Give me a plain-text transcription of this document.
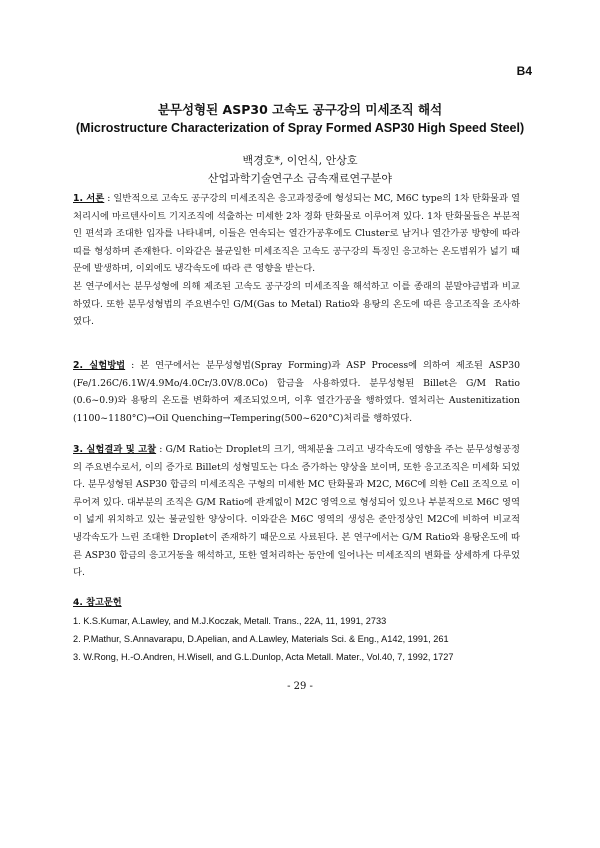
B4
분무성형된 ASP30 고속도 공구강의 미세조직 해석
(Microstructure Characterization of Spray Formed ASP30 High Speed Steel)
백경호*, 이언식, 안상호
산업과학기술연구소 금속재료연구분야

1. 서론 : 일반적으로 고속도 공구강의 미세조직은 응고과정중에 형성되는 MC, M6C type의 1차 탄화물과 열처리시에 마르텐사이트 기지조직에 석출하는 미세한 2차 경화 탄화물로 이루어져 있다. 1차 탄화물들은 부분적인 편석과 조대한 입자를 나타내며, 이들은 연속되는 열간가공후에도 Cluster로 남거나 열간가공 방향에 따라 띠를 형성하며 존재한다. 이와같은 불균일한 미세조직은 고속도 공구강의 특징인 응고하는 온도범위가 넓기 때문에 발생하며, 이외에도 냉각속도에 따라 큰 영향을 받는다.

본 연구에서는 분무성형에 의해 제조된 고속도 공구강의 미세조직을 해석하고 이를 종래의 분말야금법과 비교하였다. 또한 분무성형법의 주요변수인 G/M(Gas to Metal) Ratio와 용탕의 온도에 따른 응고조직을 조사하였다.

2. 실험방법 : 본 연구에서는 분무성형법(Spray Forming)과 ASP Process에 의하여 제조된 ASP30 (Fe/1.26C/6.1W/4.9Mo/4.0Cr/3.0V/8.0Co) 합금을 사용하였다. 분무성형된 Billet은 G/M Ratio (0.6~0.9)와 용탕의 온도를 변화하여 제조되었으며, 이후 열간가공을 행하였다. 열처리는 Austenitization (1100~1180°C)→Oil Quenching→Tempering(500~620°C)처리를 행하였다.

3. 실험결과 및 고찰 : G/M Ratio는 Droplet의 크기, 액체분율 그리고 냉각속도에 영향을 주는 분무성형공정의 주요변수로서, 이의 증가로 Billet의 성형밀도는 다소 증가하는 양상을 보이며, 또한 응고조직은 미세화 되었다. 분무성형된 ASP30 합금의 미세조직은 구형의 미세한 MC 탄화물과 M2C, M6C에 의한 Cell 조직으로 이루어져 있다. 대부분의 조직은 G/M Ratio에 관계없이 M2C 영역으로 형성되어 있으나 부분적으로 M6C 영역이 넓게 위치하고 있는 불균일한 양상이다. 이와같은 M6C 영역의 생성은 준안정상인 M2C에 비하여 비교적 냉각속도가 느린 조대한 Droplet이 존재하기 때문으로 사료된다. 본 연구에서는 G/M Ratio와 용탕온도에 따른 ASP30 합금의 응고거동을 해석하고, 또한 열처리하는 동안에 일어나는 미세조직의 변화를 상세하게 다루었다.

4. 참고문헌
1. K.S.Kumar, A.Lawley, and M.J.Koczak, Metall. Trans., 22A, 11, 1991, 2733
2. P.Mathur, S.Annavarapu, D.Apelian, and A.Lawley, Materials Sci. & Eng., A142, 1991, 261
3. W.Rong, H.-O.Andren, H.Wisell, and G.L.Dunlop, Acta Metall. Mater., Vol.40, 7, 1992, 1727
- 29 -
